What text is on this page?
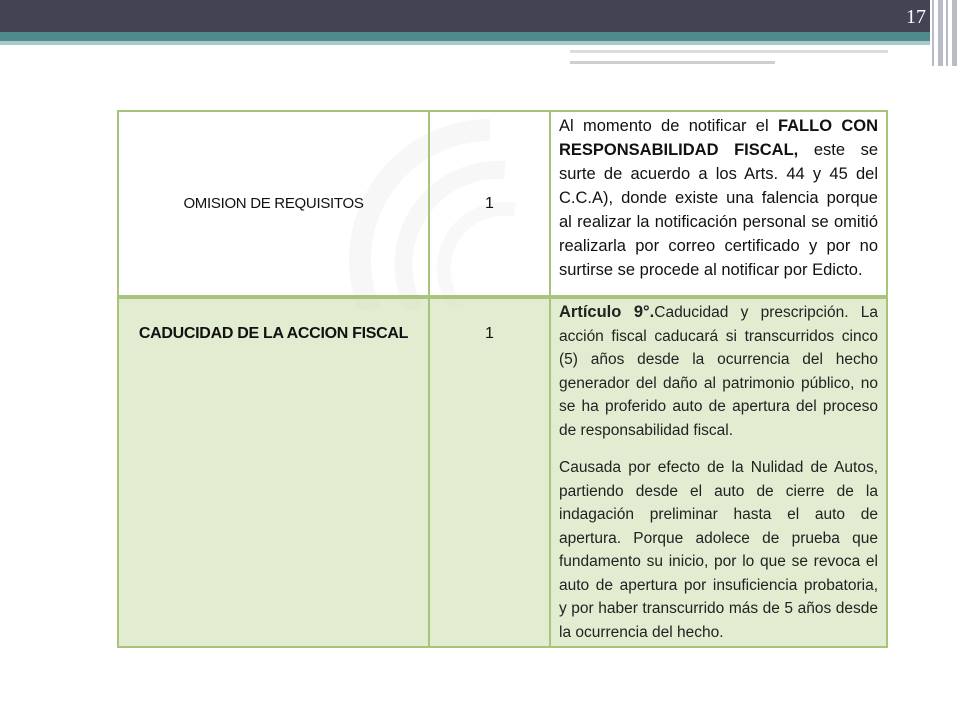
17
OMISION DE REQUISITOS	1	Al momento de notificar el FALLO CON RESPONSABILIDAD FISCAL, este se surte de acuerdo a los Arts. 44 y 45 del C.C.A), donde existe una falencia porque al realizar la notificación personal se omitió realizarla por correo certificado y por no surtirse se procede al notificar por Edicto.
CADUCIDAD DE LA ACCION FISCAL	1	Artículo 9°.Caducidad y prescripción. La acción fiscal caducará si transcurridos cinco (5) años desde la ocurrencia del hecho generador del daño al patrimonio público, no se ha proferido auto de apertura del proceso de responsabilidad fiscal.

Causada por efecto de la Nulidad de Autos, partiendo desde el auto de cierre de la indagación preliminar hasta el auto de apertura. Porque adolece de prueba que fundamento su inicio, por lo que se revoca el auto de apertura por insuficiencia probatoria, y por haber transcurrido más de 5 años desde la ocurrencia del hecho.
